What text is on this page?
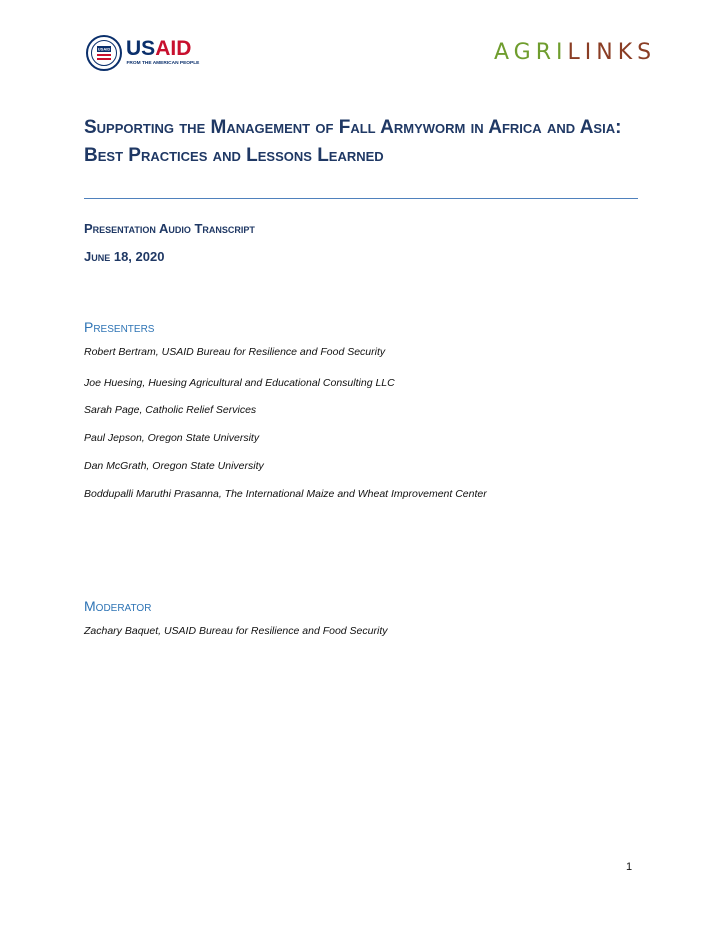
USAID USAID
FROM THE AMERICAN PEOPLE	AGRILINKS
Supporting the Management of Fall Armyworm in Africa and Asia: Best Practices and Lessons Learned

Presentation Audio Transcript

June 18, 2020

Presenters

Robert Bertram, USAID Bureau for Resilience and Food Security

Joe Huesing, Huesing Agricultural and Educational Consulting LLC

Sarah Page, Catholic Relief Services

Paul Jepson, Oregon State University

Dan McGrath, Oregon State University

Boddupalli Maruthi Prasanna, The International Maize and Wheat Improvement Center

Moderator

Zachary Baquet, USAID Bureau for Resilience and Food Security

1
